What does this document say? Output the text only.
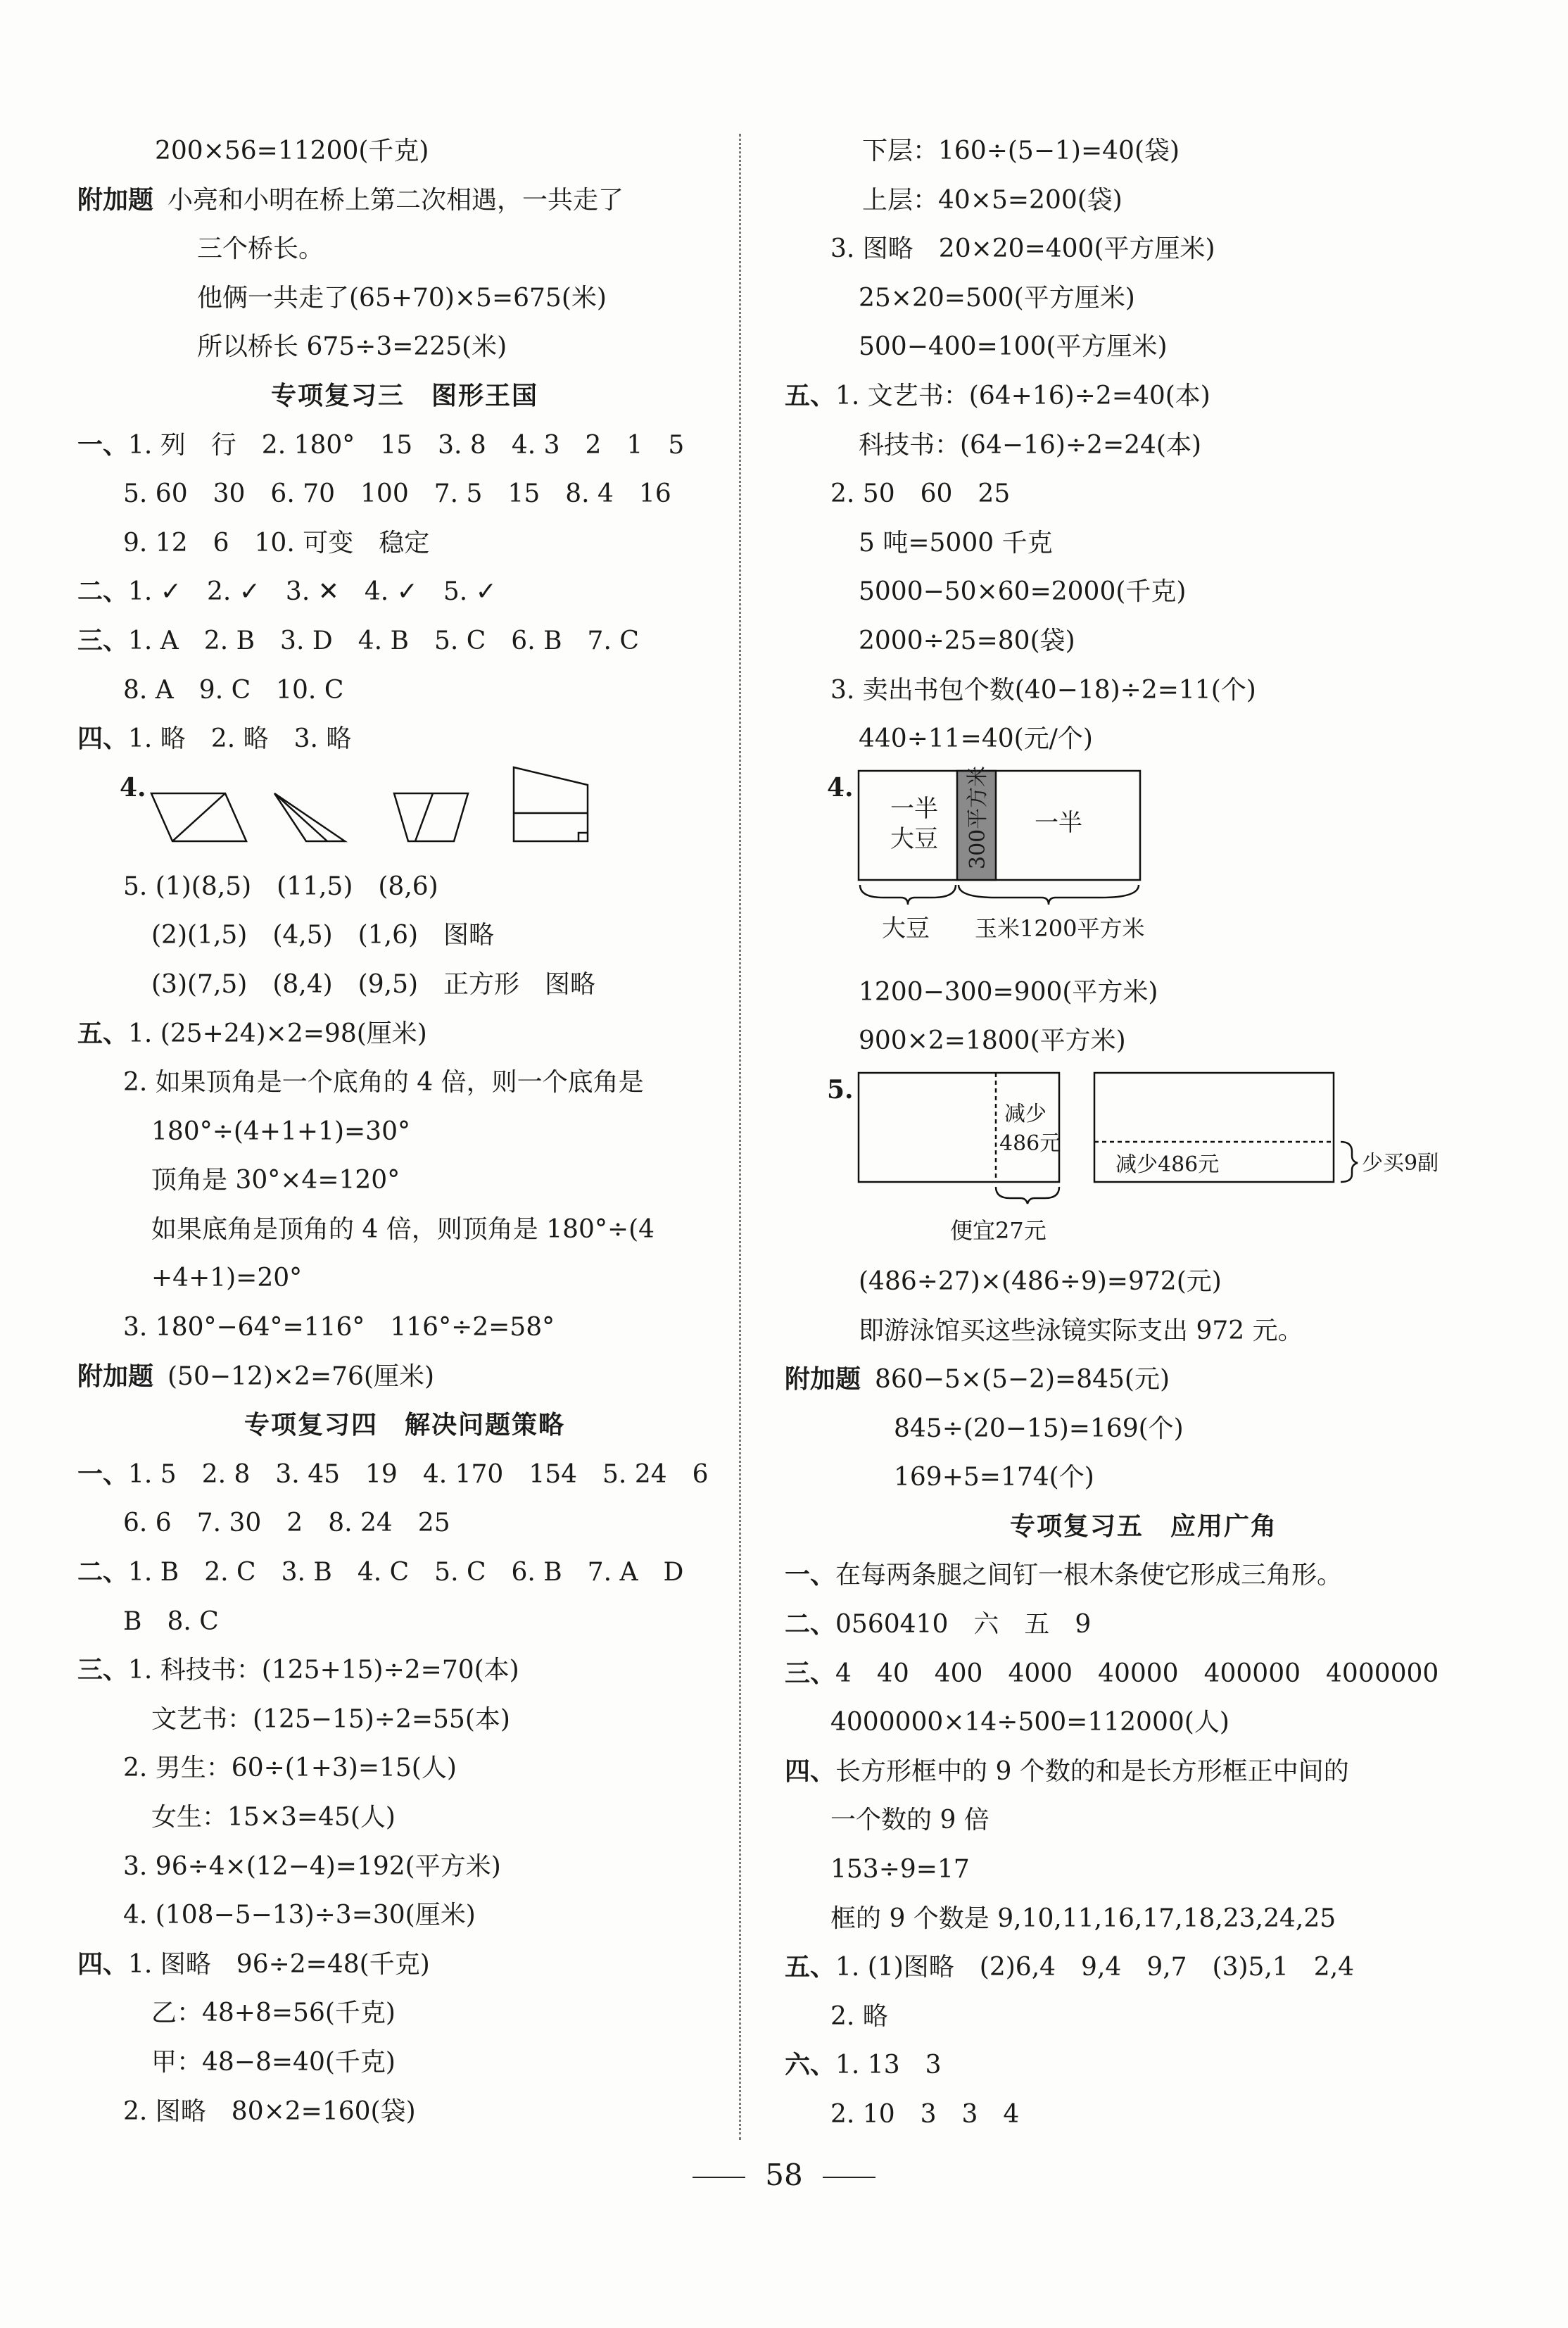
200×56=11200(千克)
附加题 小亮和小明在桥上第二次相遇，一共走了
三个桥长。
他俩一共走了(65+70)×5=675(米)
所以桥长 675÷3=225(米)
专项复习三　图形王国
一、1. 列　行　2. 180°　15　3. 8　4. 3　2　1　5
5. 60　30　6. 70　100　7. 5　15　8. 4　16
9. 12　6　10. 可变　稳定
二、1. ✓　2. ✓　3. ✕　4. ✓　5. ✓
三、1. A　2. B　3. D　4. B　5. C　6. B　7. C
8. A　9. C　10. C
四、1. 略　2. 略　3. 略
4.
5. (1)(8,5)　(11,5)　(8,6)
(2)(1,5)　(4,5)　(1,6)　图略
(3)(7,5)　(8,4)　(9,5)　正方形　图略
五、1. (25+24)×2=98(厘米)
2. 如果顶角是一个底角的 4 倍，则一个底角是
180°÷(4+1+1)=30°
顶角是 30°×4=120°
如果底角是顶角的 4 倍，则顶角是 180°÷(4
+4+1)=20°
3. 180°−64°=116°　116°÷2=58°
附加题 (50−12)×2=76(厘米)
专项复习四　解决问题策略
一、1. 5　2. 8　3. 45　19　4. 170　154　5. 24　6
6. 6　7. 30　2　8. 24　25
二、1. B　2. C　3. B　4. C　5. C　6. B　7. A　D
B　8. C
三、1. 科技书：(125+15)÷2=70(本)
文艺书：(125−15)÷2=55(本)
2. 男生：60÷(1+3)=15(人)
女生：15×3=45(人)
3. 96÷4×(12−4)=192(平方米)
4. (108−5−13)÷3=30(厘米)
四、1. 图略　96÷2=48(千克)
乙：48+8=56(千克)
甲：48−8=40(千克)
2. 图略　80×2=160(袋)
下层：160÷(5−1)=40(袋)
上层：40×5=200(袋)
3. 图略　20×20=400(平方厘米)
25×20=500(平方厘米)
500−400=100(平方厘米)
五、1. 文艺书：(64+16)÷2=40(本)
科技书：(64−16)÷2=24(本)
2. 50　60　25
5 吨=5000 千克
5000−50×60=2000(千克)
2000÷25=80(袋)
3. 卖出书包个数(40−18)÷2=11(个)
440÷11=40(元/个)
4.
一半
大豆 300平方米 一半
大豆 玉米1200平方米
1200−300=900(平方米)
900×2=1800(平方米)
5.
减少
486元
便宜27元
减少486元	少买9副
(486÷27)×(486÷9)=972(元)
即游泳馆买这些泳镜实际支出 972 元。
附加题 860−5×(5−2)=845(元)
845÷(20−15)=169(个)
169+5=174(个)
专项复习五　应用广角
一、在每两条腿之间钉一根木条使它形成三角形。
二、0560410　六　五　9
三、4　40　400　4000　40000　400000　4000000
4000000×14÷500=112000(人)
四、长方形框中的 9 个数的和是长方形框正中间的
一个数的 9 倍
153÷9=17
框的 9 个数是 9,10,11,16,17,18,23,24,25
五、1. (1)图略　(2)6,4　9,4　9,7　(3)5,1　2,4
2. 略
六、1. 13　3
2. 10　3　3　4
58
